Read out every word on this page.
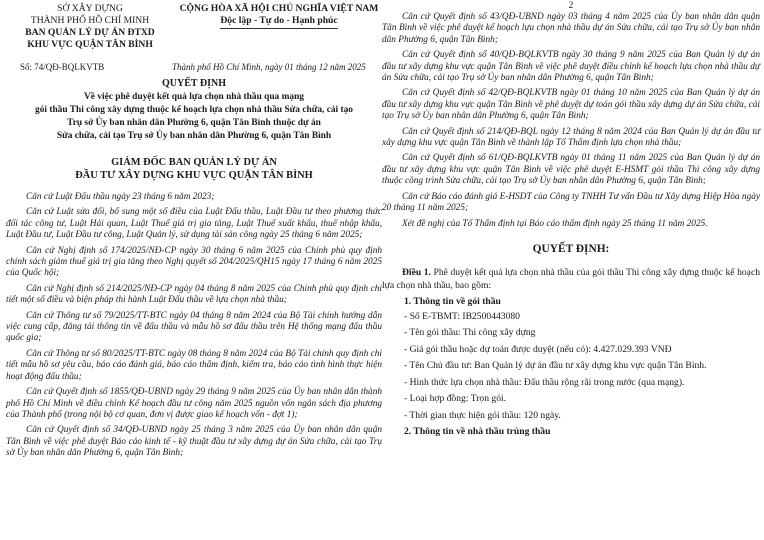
SỞ XÂY DỰNG
THÀNH PHỐ HỒ CHÍ MINH
BAN QUẢN LÝ DỰ ÁN ĐTXD
KHU VỰC QUẬN TÂN BÌNH
CỘNG HÒA XÃ HỘI CHỦ NGHĨA VIỆT NAM
Độc lập - Tự do - Hạnh phúc
Số: 74/QĐ-BQLKVTB	Thành phố Hồ Chí Minh, ngày 01 tháng 12 năm 2025
QUYẾT ĐỊNH
Về việc phê duyệt kết quả lựa chọn nhà thầu qua mạng
gói thầu Thi công xây dựng thuộc kế hoạch lựa chọn nhà thầu Sửa chữa, cải tạo
Trụ sở Ủy ban nhân dân Phường 6, quận Tân Bình thuộc dự án
Sửa chữa, cải tạo Trụ sở Ủy ban nhân dân Phường 6, quận Tân Bình
GIÁM ĐỐC BAN QUẢN LÝ DỰ ÁN
ĐẦU TƯ XÂY DỰNG KHU VỰC QUẬN TÂN BÌNH

Căn cứ Luật Đấu thầu ngày 23 tháng 6 năm 2023;

Căn cứ Luật sửa đổi, bổ sung một số điều của Luật Đấu thầu, Luật Đầu tư theo phương thức đối tác công tư, Luật Hải quan, Luật Thuế giá trị gia tăng, Luật Thuế xuất khẩu, thuế nhập khẩu, Luật Đầu tư, Luật Đầu tư công, Luật Quản lý, sử dụng tài sản công ngày 25 tháng 6 năm 2025;

Căn cứ Nghị định số 174/2025/NĐ-CP ngày 30 tháng 6 năm 2025 của Chính phủ quy định chính sách giảm thuế giá trị gia tăng theo Nghị quyết số 204/2025/QH15 ngày 17 tháng 6 năm 2025 của Quốc hội;

Căn cứ Nghị định số 214/2025/NĐ-CP ngày 04 tháng 8 năm 2025 của Chính phủ quy định chi tiết một số điều và biện pháp thi hành Luật Đấu thầu về lựa chọn nhà thầu;

Căn cứ Thông tư số 79/2025/TT-BTC ngày 04 tháng 8 năm 2024 của Bộ Tài chính hướng dẫn việc cung cấp, đăng tải thông tin về đấu thầu và mẫu hồ sơ đấu thầu trên Hệ thống mạng đấu thầu quốc gia;

Căn cứ Thông tư số 80/2025/TT-BTC ngày 08 tháng 8 năm 2024 của Bộ Tài chính quy định chi tiết mẫu hồ sơ yêu cầu, báo cáo đánh giá, báo cáo thẩm định, kiểm tra, báo cáo tình hình thực hiện hoạt động đấu thầu;

Căn cứ Quyết định số 1855/QĐ-UBND ngày 29 tháng 9 năm 2025 của Ủy ban nhân dân thành phố Hồ Chí Minh về điều chỉnh Kế hoạch đầu tư công năm 2025 nguồn vốn ngân sách địa phương của Thành phố (trong nội bộ cơ quan, đơn vị được giao kế hoạch vốn - đợt 1);

Căn cứ Quyết định số 34/QĐ-UBND ngày 25 tháng 3 năm 2025 của Ủy ban nhân dân quận Tân Bình về việc phê duyệt Báo cáo kinh tế - kỹ thuật đầu tư xây dựng dự án Sửa chữa, cải tạo Trụ sở Ủy ban nhân dân Phường 6, quận Tân Bình;

2

Căn cứ Quyết định số 43/QĐ-UBND ngày 03 tháng 4 năm 2025 của Ủy ban nhân dân quận Tân Bình về việc phê duyệt kế hoạch lựa chọn nhà thầu dự án Sửa chữa, cải tạo Trụ sở Ủy ban nhân dân Phường 6, quận Tân Bình;

Căn cứ Quyết định số 40/QĐ-BQLKVTB ngày 30 tháng 9 năm 2025 của Ban Quản lý dự án đầu tư xây dựng khu vực quận Tân Bình về việc phê duyệt điều chỉnh kế hoạch lựa chọn nhà thầu dự án Sửa chữa, cải tạo Trụ sở Ủy ban nhân dân Phường 6, quận Tân Bình;

Căn cứ Quyết định số 42/QĐ-BQLKVTB ngày 01 tháng 10 năm 2025 của Ban Quản lý dự án đầu tư xây dựng khu vực quận Tân Bình về phê duyệt dự toán gói thầu xây dựng dự án Sửa chữa, cải tạo Trụ sở Ủy ban nhân dân Phường 6, quận Tân Bình;

Căn cứ Quyết định số 214/QĐ-BQL ngày 12 tháng 8 năm 2024 của Ban Quản lý dự án đầu tư xây dựng khu vực quận Tân Bình về thành lập Tổ Thẩm định lựa chọn nhà thầu;

Căn cứ Quyết định số 61/QĐ-BQLKVTB ngày 01 tháng 11 năm 2025 của Ban Quản lý dự án đầu tư xây dựng khu vực quận Tân Bình về việc phê duyệt E-HSMT gói thầu Thi công xây dựng thuộc công trình Sửa chữa, cải tạo Trụ sở Ủy ban nhân dân Phường 6, quận Tân Bình;

Căn cứ Báo cáo đánh giá E-HSDT của Công ty TNHH Tư vấn Đầu tư Xây dựng Hiệp Hòa ngày 20 tháng 11 năm 2025;

Xét đề nghị của Tổ Thẩm định tại Báo cáo thẩm định ngày 25 tháng 11 năm 2025.

QUYẾT ĐỊNH:

Điều 1. Phê duyệt kết quả lựa chọn nhà thầu của gói thầu Thi công xây dựng thuộc kế hoạch lựa chọn nhà thầu, bao gồm:

1. Thông tin về gói thầu
- Số E-TBMT: IB2500443080
- Tên gói thầu: Thi công xây dựng
- Giá gói thầu hoặc dự toán được duyệt (nếu có): 4.427.029.393 VNĐ
- Tên Chủ đầu tư: Ban Quản lý dự án đầu tư xây dựng khu vực quận Tân Bình.
- Hình thức lựa chọn nhà thầu: Đấu thầu rộng rãi trong nước (qua mạng).
- Loại hợp đồng: Trọn gói.
- Thời gian thực hiện gói thầu: 120 ngày.
2. Thông tin về nhà thầu trúng thầu
